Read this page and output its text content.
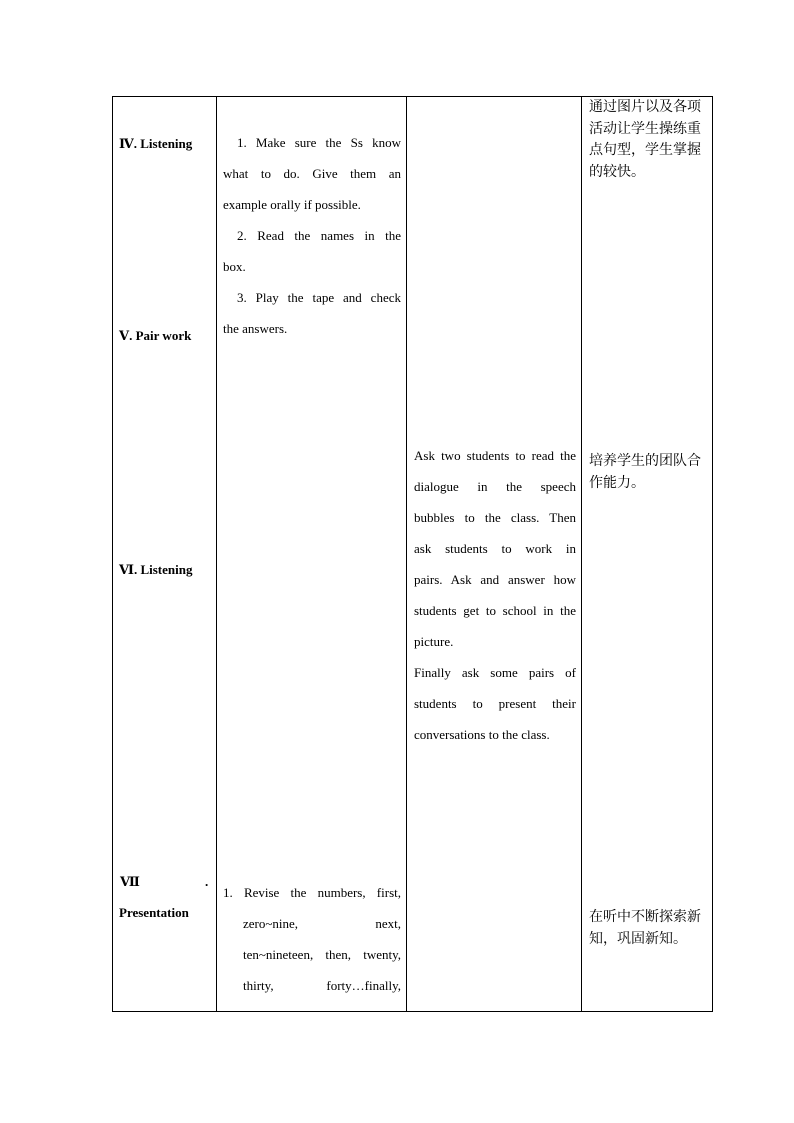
Ⅳ. Listening
Ⅴ. Pair work
Ⅵ. Listening
Ⅶ	.
Presentation
1. Make sure the Ss know
what to do. Give them an
example orally if possible.
2. Read the names in the
box.
3. Play the tape and check
the answers.
Ask two students to read the
dialogue in the speech
bubbles to the class. Then
ask students to work in
pairs. Ask and answer how
students get to school in the
picture.
Finally ask some pairs of
students to present their
conversations to the class.
通过图片以及各项
活动让学生操练重
点句型，学生掌握
的较快。
培养学生的团队合
作能力。
在听中不断探索新
知，巩固新知。
1. Revise the numbers, first,
zero~nine, next,
ten~nineteen, then, twenty,
thirty, forty…finally,
